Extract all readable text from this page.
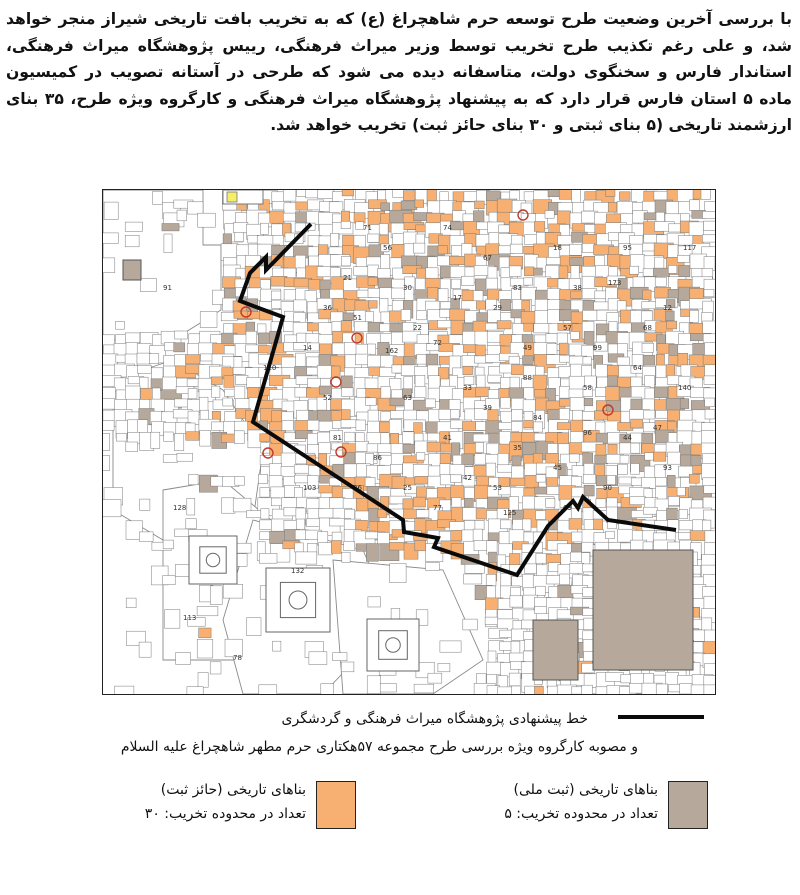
با بررسی آخرین وضعیت طرح توسعه حرم شاهچراغ (ع) که به تخریب بافت تاریخی شیراز منجر خواهد شد، و علی رغم تکذیب طرح تخریب توسط وزیر میراث فرهنگی، رییس پژوهشگاه میراث فرهنگی، استاندار فارس و سخنگوی دولت، متاسفانه دیده می شود که طرحی در آستانه تصویب در کمیسیون ماده ۵ استان فارس قرار دارد که به پیشنهاد پژوهشگاه میراث فرهنگی و کارگروه ویژه طرح، ۳۵ بنای ارزشمند تاریخی (۵ بنای ثبتی و ۳۰ بنای حائز ثبت) تخریب خواهد شد.
128
132
113
173
162
125
72
96
88
52
41
57
64
30
67
18
26
42
35
81
90
47
56
74
12
29
38
51
63
84
95
21
33
49
58
77
86
93
14
22
39
45
68
71
83
99
17
25
36
44
53
69
78
91
110
117
140
103
خط پیشنهادی پژوهشگاه میراث فرهنگی و گردشگری
و مصوبه کارگروه ویژه بررسی طرح مجموعه ۵۷هکتاری حرم مطهر شاهچراغ علیه السلام
بناهای تاریخی (ثبت ملی)
تعداد در محدوده تخریب: ۵
بناهای تاریخی (حائز ثبت)
تعداد در محدوده تخریب: ۳۰
